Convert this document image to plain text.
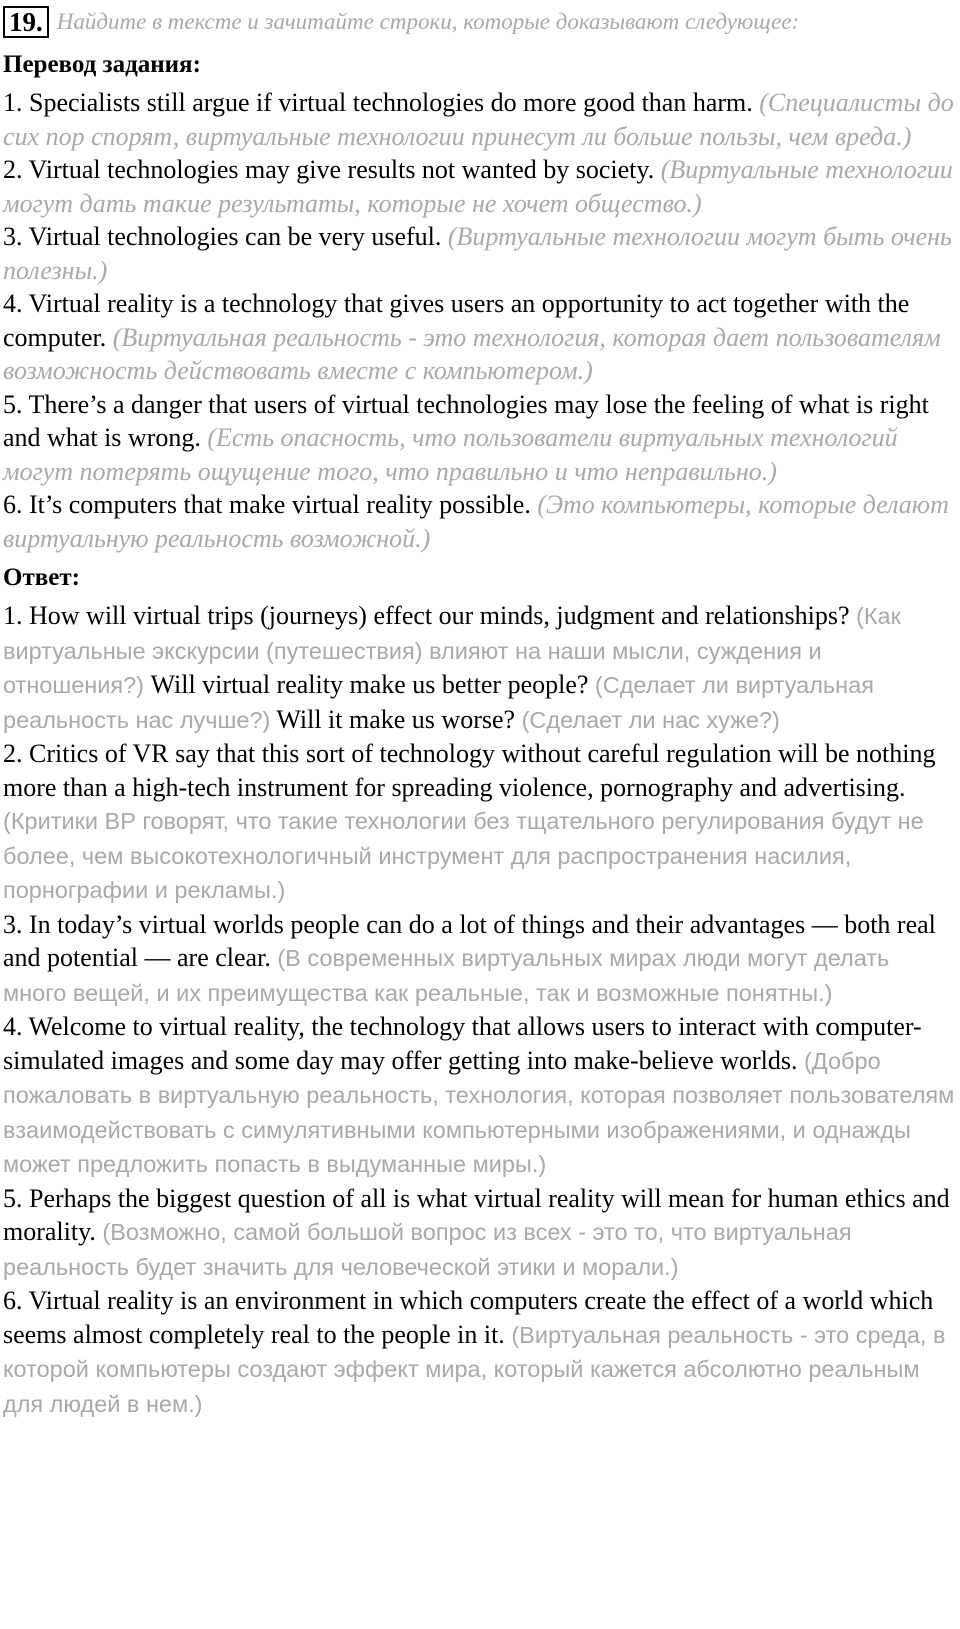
19. Найдите в тексте и зачитайте строки, которые доказывают следующее:
Перевод задания:

1. Specialists still argue if virtual technologies do more good than harm. (Специалисты до сих пор спорят, виртуальные технологии принесут ли больше пользы, чем вреда.)

2. Virtual technologies may give results not wanted by society. (Виртуальные технологии могут дать такие результаты, которые не хочет общество.)

3. Virtual technologies can be very useful. (Виртуальные технологии могут быть очень полезны.)

4. Virtual reality is a technology that gives users an opportunity to act together with the computer. (Виртуальная реальность - это технология, которая дает пользователям возможность действовать вместе с компьютером.)

5. There’s a danger that users of virtual technologies may lose the feeling of what is right and what is wrong. (Есть опасность, что пользователи виртуальных технологий могут потерять ощущение того, что правильно и что неправильно.)

6. It’s computers that make virtual reality possible. (Это компьютеры, которые делают виртуальную реальность возможной.)

Ответ:

1. How will virtual trips (journeys) effect our minds, judgment and relationships? (Как виртуальные экскурсии (путешествия) влияют на наши мысли, суждения и отношения?) Will virtual reality make us better people? (Сделает ли виртуальная реальность нас лучше?) Will it make us worse? (Сделает ли нас хуже?)

2. Critics of VR say that this sort of technology without careful regulation will be nothing more than a high-tech instrument for spreading violence, pornography and advertising. (Критики ВР говорят, что такие технологии без тщательного регулирования будут не более, чем высокотехнологичный инструмент для распространения насилия, порнографии и рекламы.)

3. In today’s virtual worlds people can do a lot of things and their advantages — both real and potential — are clear. (В современных виртуальных мирах люди могут делать много вещей, и их преимущества как реальные, так и возможные понятны.)

4. Welcome to virtual reality, the technology that allows users to interact with computer-simulated images and some day may offer getting into make-believe worlds. (Добро пожаловать в виртуальную реальность, технология, которая позволяет пользователям взаимодействовать с симулятивными компьютерными изображениями, и однажды может предложить попасть в выдуманные миры.)

5. Perhaps the biggest question of all is what virtual reality will mean for human ethics and morality. (Возможно, самой большой вопрос из всех - это то, что виртуальная реальность будет значить для человеческой этики и морали.)

6. Virtual reality is an environment in which computers create the effect of a world which seems almost completely real to the people in it. (Виртуальная реальность - это среда, в которой компьютеры создают эффект мира, который кажется абсолютно реальным для людей в нем.)
